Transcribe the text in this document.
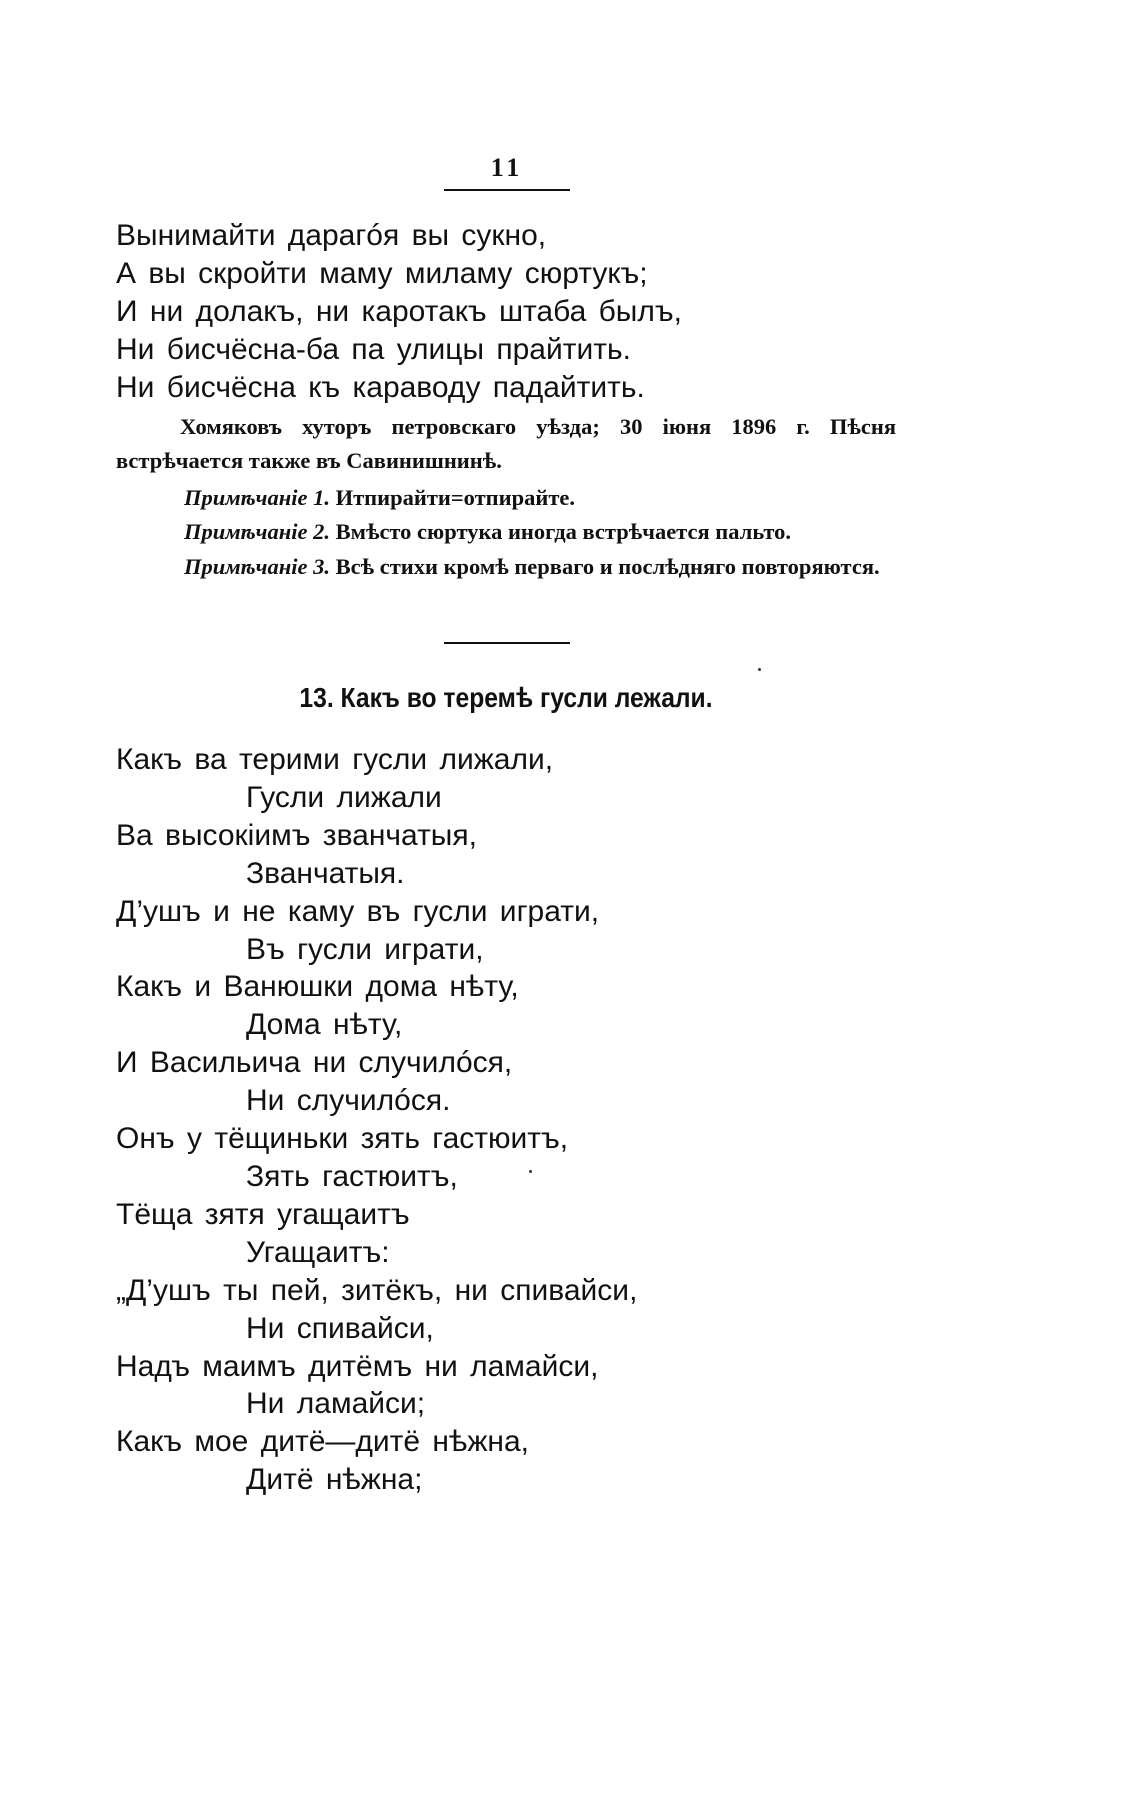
11
Вынимайти дарагóя вы сукно,
А вы скройти маму миламу сюртукъ;
И ни долакъ, ни каротакъ штаба былъ,
Ни бисчёсна-ба па улицы прайтить.
Ни бисчёсна къ караводу падайтить.

Хомяковъ хуторъ петровскаго уѣзда; 30 iюня 1896 г. Пѣсня встрѣчается также въ Савинишнинѣ.

Примѣчанiе 1. Итпирайти=отпирайте.

Примѣчанiе 2. Вмѣсто сюртука иногда встрѣчается пальто.

Примѣчанiе 3. Всѣ стихи кромѣ перваго и послѣдняго повторяются.

13. Какъ во теремѣ гусли лежали.
Какъ ва терими гусли лижали,
Гусли лижали
Ва высокiимъ званчатыя,
Званчатыя.
Д’ушъ и не каму въ гусли играти,
Въ гусли играти,
Какъ и Ванюшки дома нѣту,
Дома нѣту,
И Васильича ни случилóся,
Ни случилóся.
Онъ у тёщиньки зять гастюитъ,
Зять гастюитъ,
Тёща зятя угащаитъ
Угащаитъ:
„Д’ушъ ты пей, зитёкъ, ни спивайси,
Ни спивайси,
Надъ маимъ дитёмъ ни ламайси,
Ни ламайси;
Какъ мое дитё—дитё нѣжна,
Дитё нѣжна;
